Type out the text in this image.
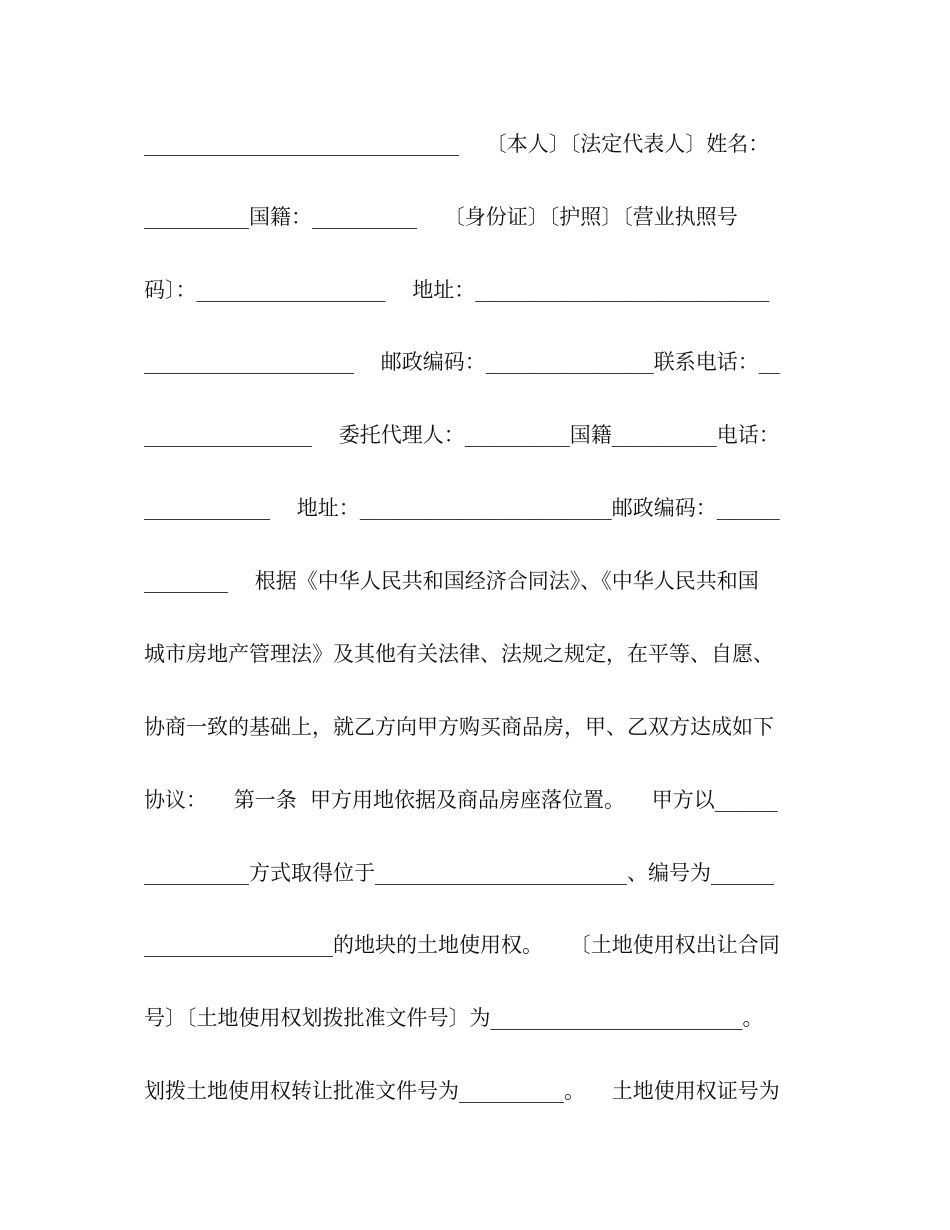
______________________________    〔本人〕〔法定代表人〕姓名：
__________国籍：__________    〔身份证〕〔护照〕〔营业执照号
码〕：__________________    地址：____________________________
____________________    邮政编码：________________联系电话：__
________________    委托代理人：__________国籍__________电话：
____________    地址：________________________邮政编码：______
________    根据《中华人民共和国经济合同法》、《中华人民共和国
城市房地产管理法》及其他有关法律、法规之规定，在平等、自愿、
协商一致的基础上，就乙方向甲方购买商品房，甲、乙双方达成如下
协议：    第一条  甲方用地依据及商品房座落位置。    甲方以______
__________方式取得位于________________________、编号为______
__________________的地块的土地使用权。    〔土地使用权出让合同
号〕〔土地使用权划拨批准文件号〕为________________________。
划拨土地使用权转让批准文件号为__________。    土地使用权证号为
